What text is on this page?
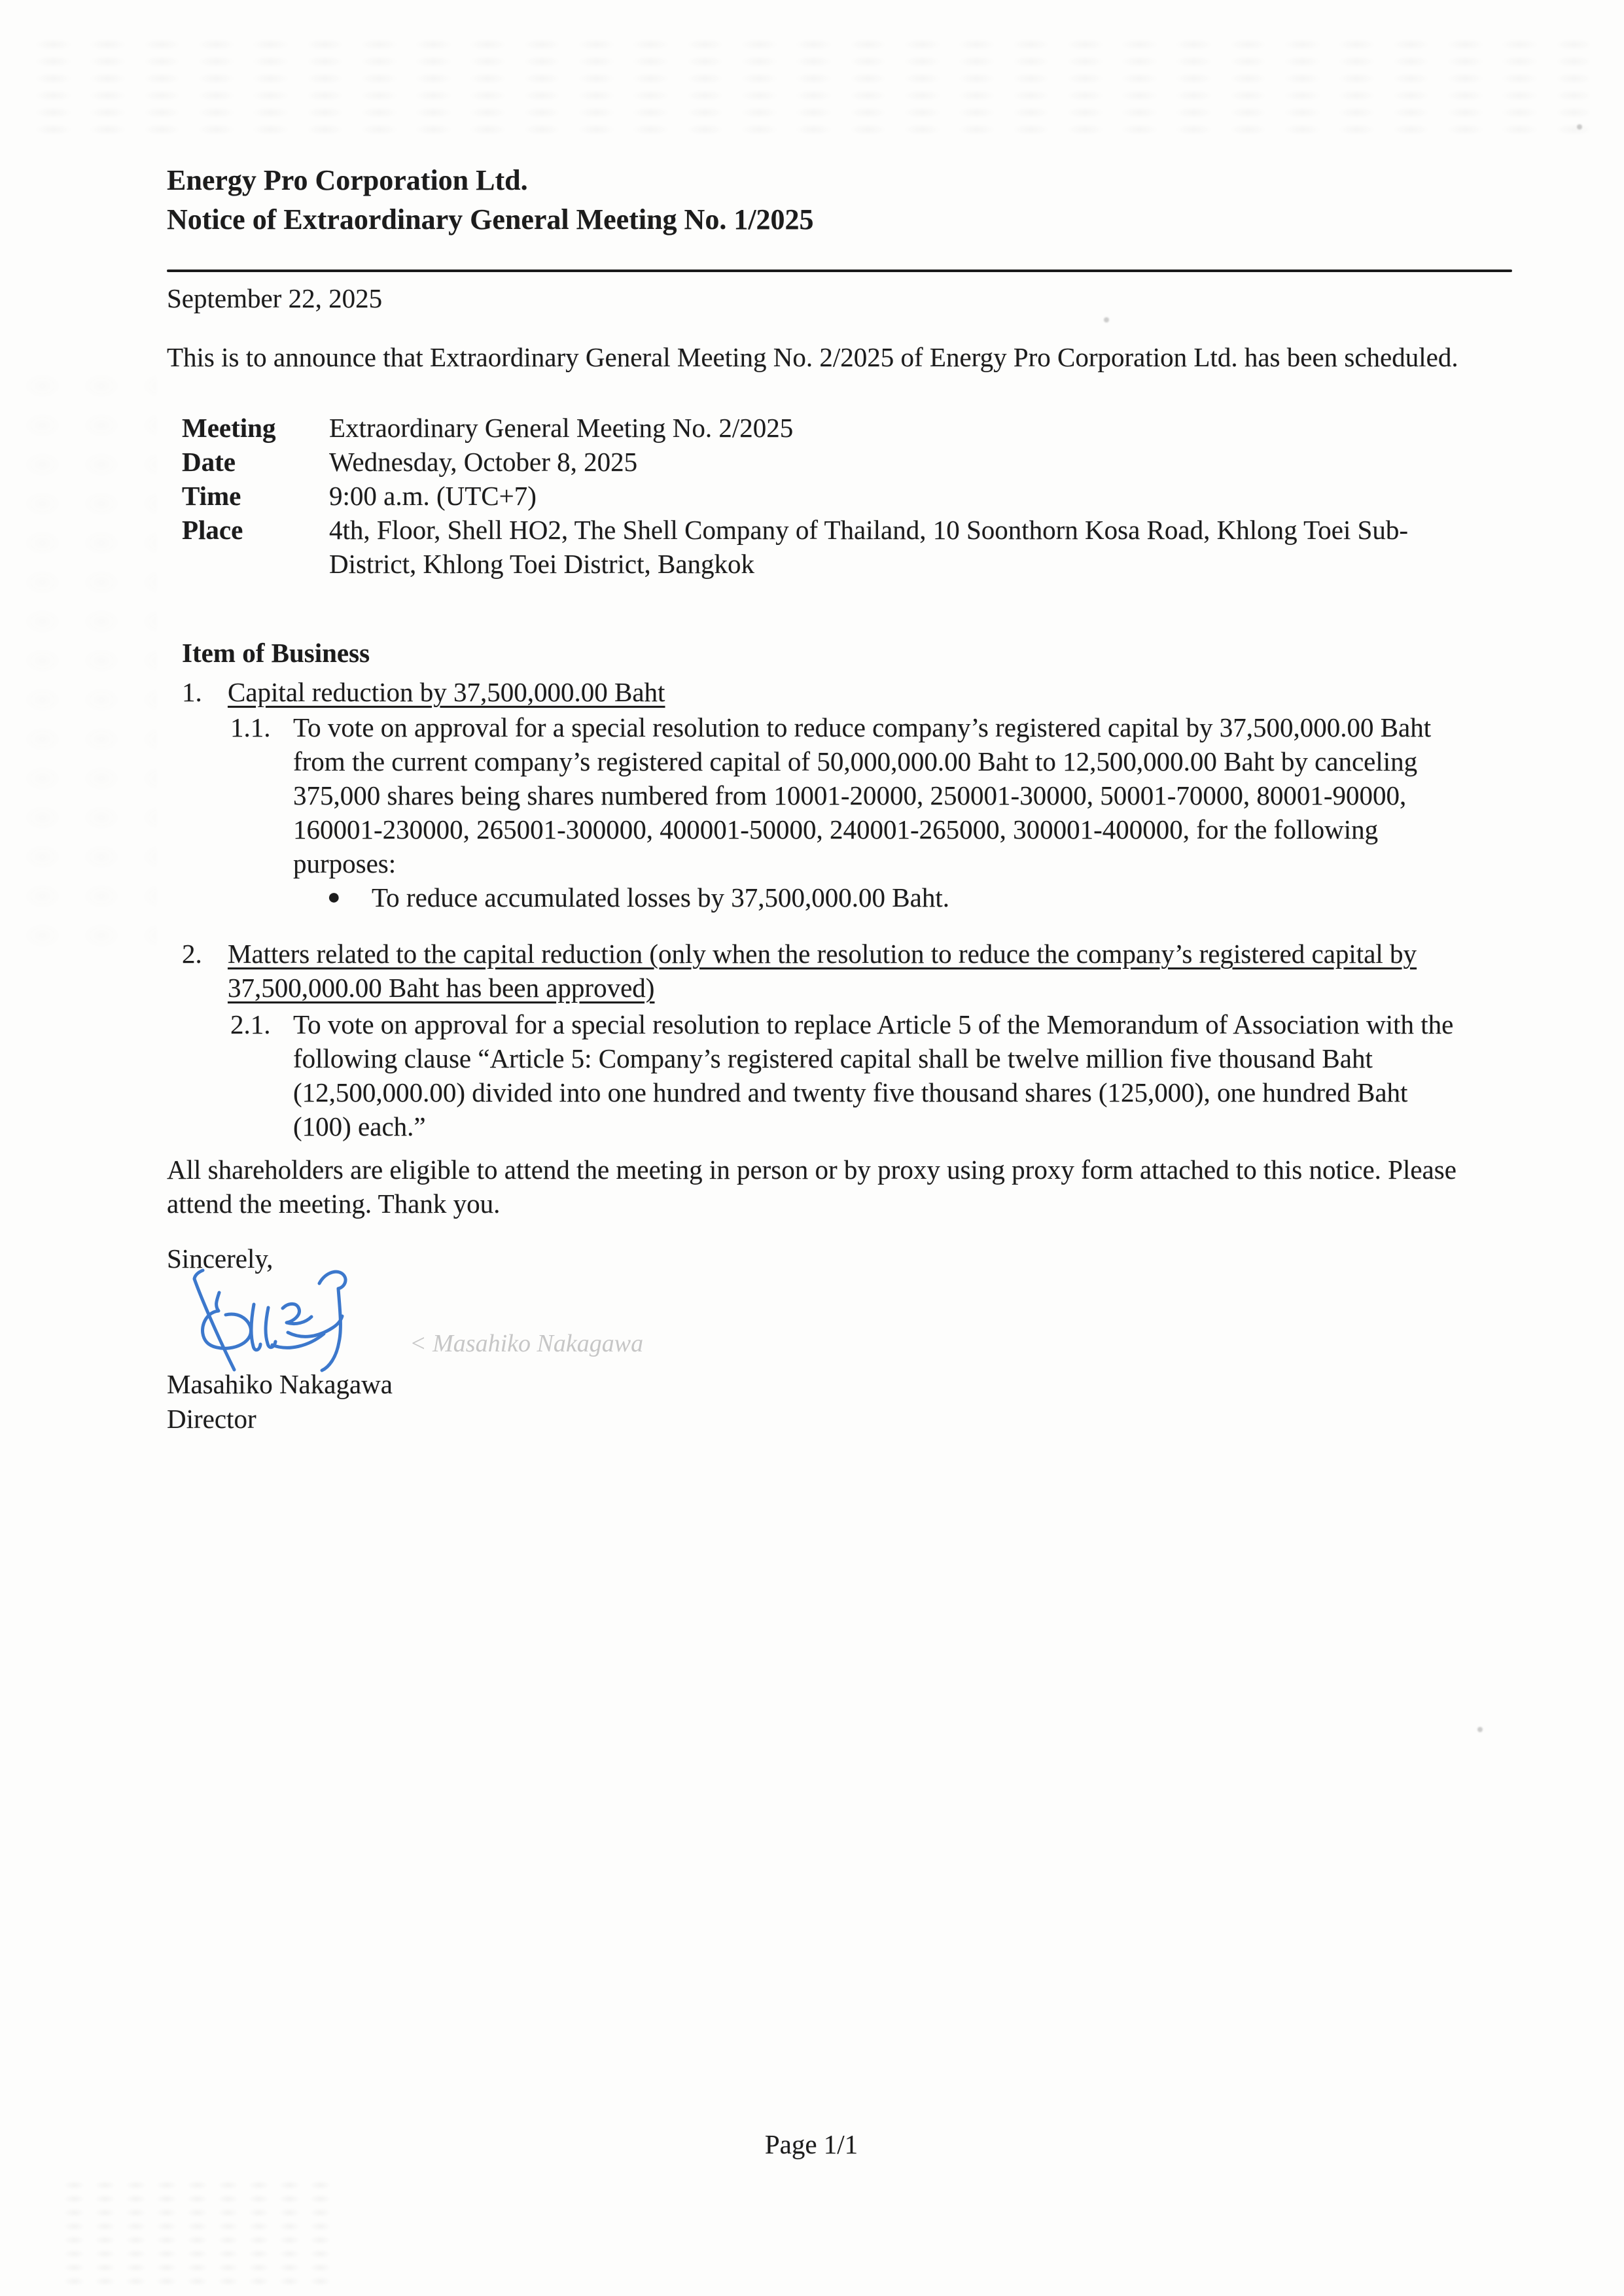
Energy Pro Corporation Ltd.
Notice of Extraordinary General Meeting No. 1/2025
September 22, 2025
This is to announce that Extraordinary General Meeting No. 2/2025 of Energy Pro Corporation Ltd. has been scheduled.
Meeting	Extraordinary General Meeting No. 2/2025
Date	Wednesday, October 8, 2025
Time	9:00 a.m. (UTC+7)
Place	4th, Floor, Shell HO2, The Shell Company of Thailand, 10 Soonthorn Kosa Road, Khlong Toei Sub-District, Khlong Toei District, Bangkok
Item of Business
1. Capital reduction by 37,500,000.00 Baht
1.1. To vote on approval for a special resolution to reduce company’s registered capital by 37,500,000.00 Baht from the current company’s registered capital of 50,000,000.00 Baht to 12,500,000.00 Baht by canceling 375,000 shares being shares numbered from 10001-20000, 250001-30000, 50001-70000, 80001-90000, 160001-230000, 265001-300000, 400001-50000, 240001-265000, 300001-400000, for the following purposes:
●	To reduce accumulated losses by 37,500,000.00 Baht.
2. Matters related to the capital reduction (only when the resolution to reduce the company’s registered capital by 37,500,000.00 Baht has been approved)
2.1. To vote on approval for a special resolution to replace Article 5 of the Memorandum of Association with the following clause “Article 5: Company’s registered capital shall be twelve million five thousand Baht (12,500,000.00) divided into one hundred and twenty five thousand shares (125,000), one hundred Baht (100) each.”
All shareholders are eligible to attend the meeting in person or by proxy using proxy form attached to this notice. Please attend the meeting. Thank you.
Sincerely,
< Masahiko Nakagawa
Masahiko Nakagawa
Director
Page 1/1
